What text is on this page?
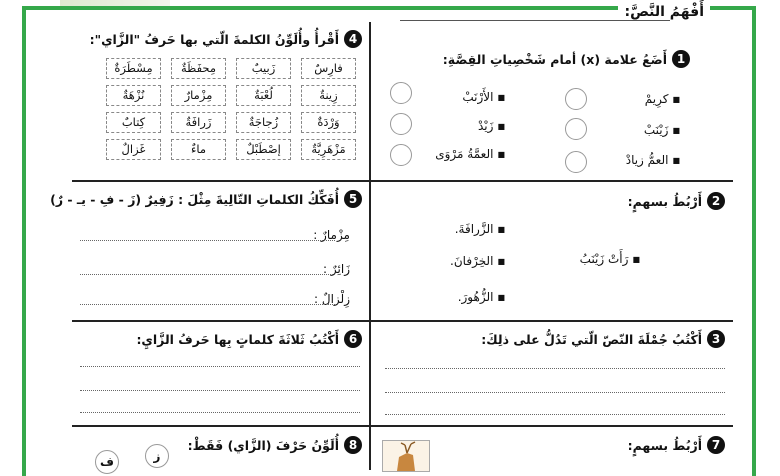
أَفْهَمُ النَّصَّ:
1
أَضَعُ علامة (x) أمام شَخْصِياتِ القِصَّةِ:
■ كرِيمْ
■ زَيْنَبْ
■ العمُّ زيادْ
■ الأَرْنَبْ
■ زَيْدْ
■ العمَّةُ مَرْوَى
2
أَرْبُطُ بسهمٍ:
■ رَأَتْ زَيْنَبُ
■ الزَّرافَةَ.
■ الخِرْفانَ.
■ الزُّهُورَ.
3
أَكْتُبُ جُمْلَةَ النّصّ الّتي تَدُلُّ على ذلِكَ:
4
أَقْرأُ وأُلَوِّنُ الكلمةَ الّتي بها حَرفُ "الزَّاي":
فارِسٌ
زَبيبٌ
مِحفَظَةٌ
مِسْطَرَةٌ
زِينةٌ
لُعْبَةٌ
مِزْمارٌ
نُزْهَةٌ
وَرْدَةٌ
زُجاجَةٌ
زَرافَةٌ
كِتابٌ
مَزْهَرِيَّةٌ
إصْطَبْلٌ
ماءٌ
غَزالٌ
5
أُفَكِّكُ الكلماتِ التّالِيةَ مِثْلَ : زَفِيرٌ (زَ - فِ - يـ - رٌ)
مِزْمارٌ :
زَائِرٌ :
زِلْزالٌ :
6
أَكْتُبُ ثَلاثَةَ كلماتٍ بِها حَرفُ الزَّايِ:
7
أَرْبُطُ بسهمٍ:
8
أُلَوِّنُ حَرْفَ (الزَّاي) فَقَطْ:
ز
ف
